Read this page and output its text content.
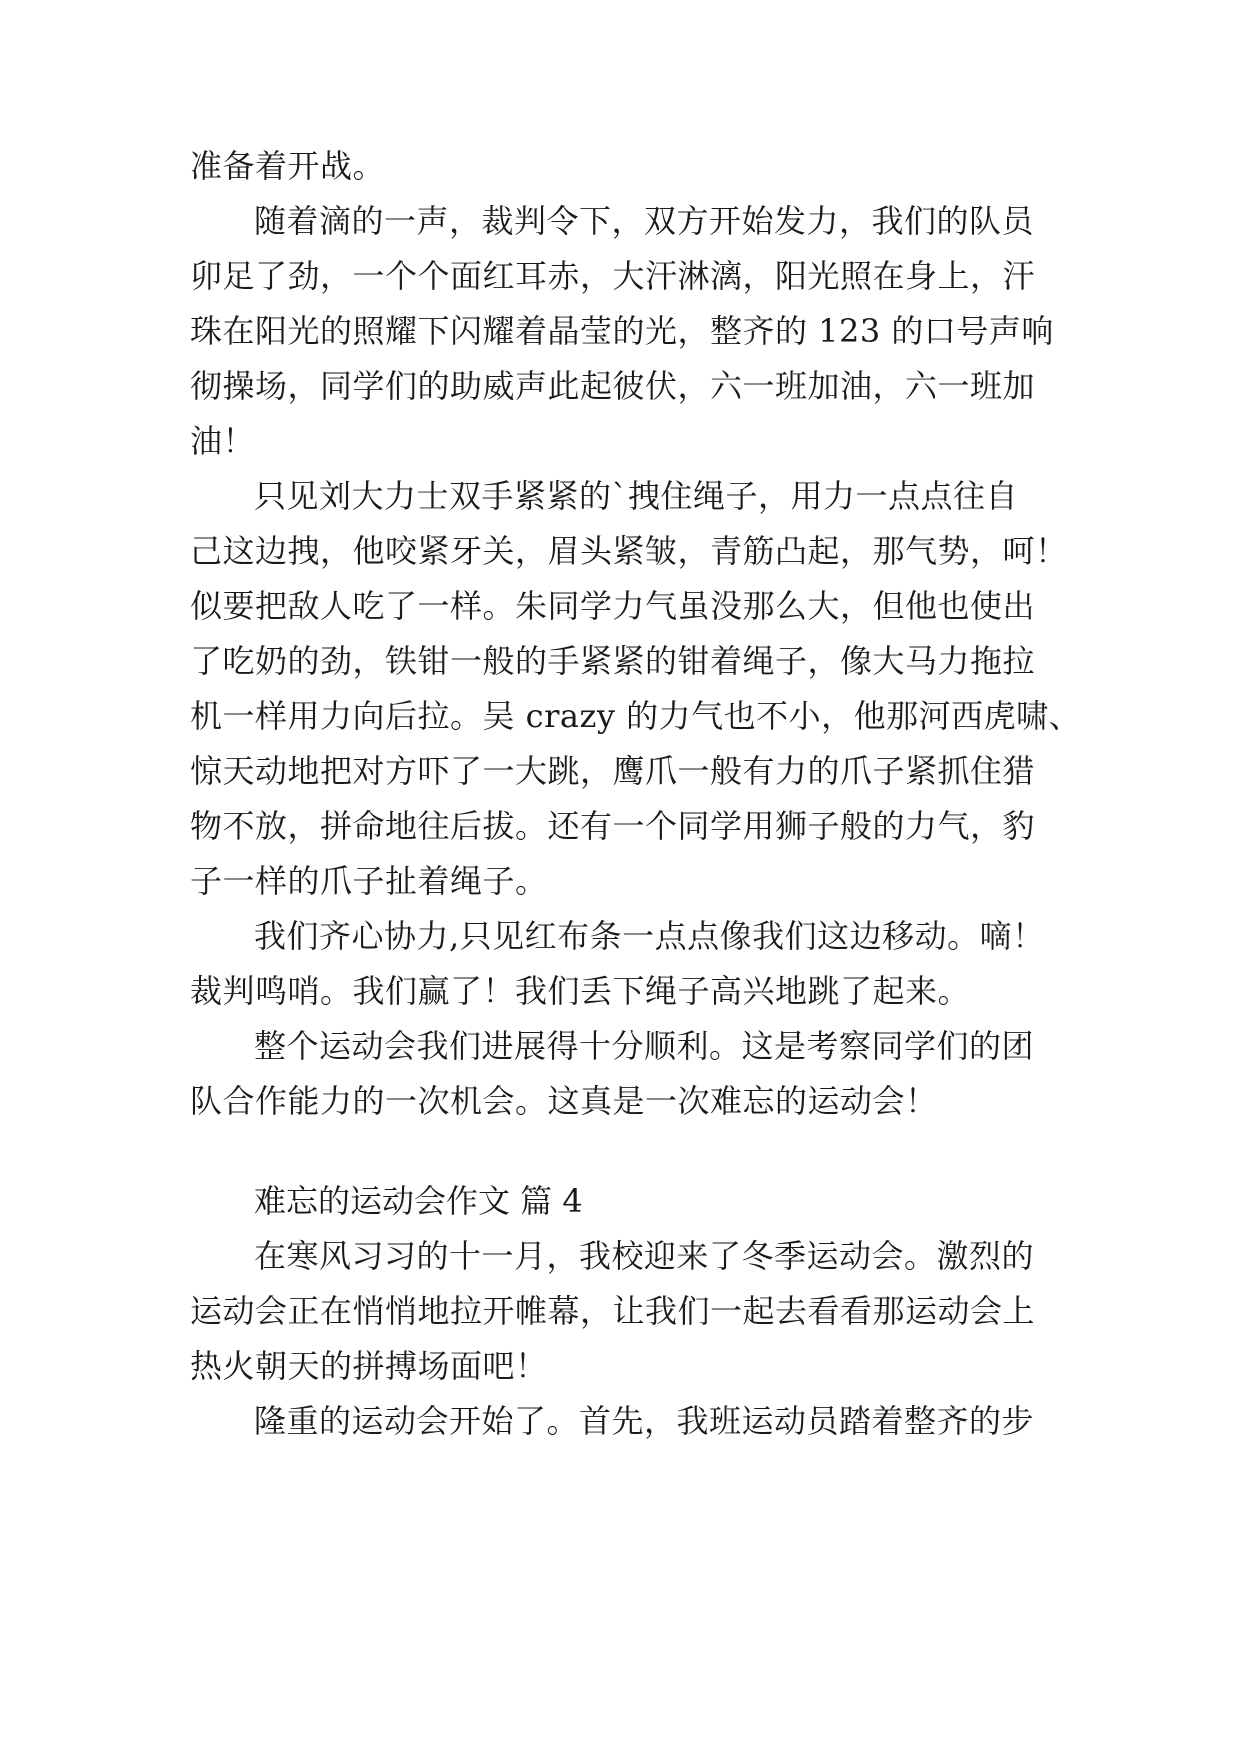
准备着开战。
随着滴的一声，裁判令下，双方开始发力，我们的队员
卯足了劲，一个个面红耳赤，大汗淋漓，阳光照在身上，汗
珠在阳光的照耀下闪耀着晶莹的光，整齐的 123 的口号声响
彻操场，同学们的助威声此起彼伏，六一班加油，六一班加
油！
只见刘大力士双手紧紧的`拽住绳子，用力一点点往自
己这边拽，他咬紧牙关，眉头紧皱，青筋凸起，那气势，呵！
似要把敌人吃了一样。朱同学力气虽没那么大，但他也使出
了吃奶的劲，铁钳一般的手紧紧的钳着绳子，像大马力拖拉
机一样用力向后拉。吴 crazy 的力气也不小，他那河西虎啸、
惊天动地把对方吓了一大跳，鹰爪一般有力的爪子紧抓住猎
物不放，拼命地往后拔。还有一个同学用狮子般的力气，豹
子一样的爪子扯着绳子。
我们齐心协力,只见红布条一点点像我们这边移动。嘀！
裁判鸣哨。我们赢了！我们丢下绳子高兴地跳了起来。
整个运动会我们进展得十分顺利。这是考察同学们的团
队合作能力的一次机会。这真是一次难忘的运动会！
难忘的运动会作文 篇 4
在寒风习习的十一月，我校迎来了冬季运动会。激烈的
运动会正在悄悄地拉开帷幕，让我们一起去看看那运动会上
热火朝天的拼搏场面吧！
隆重的运动会开始了。首先，我班运动员踏着整齐的步
